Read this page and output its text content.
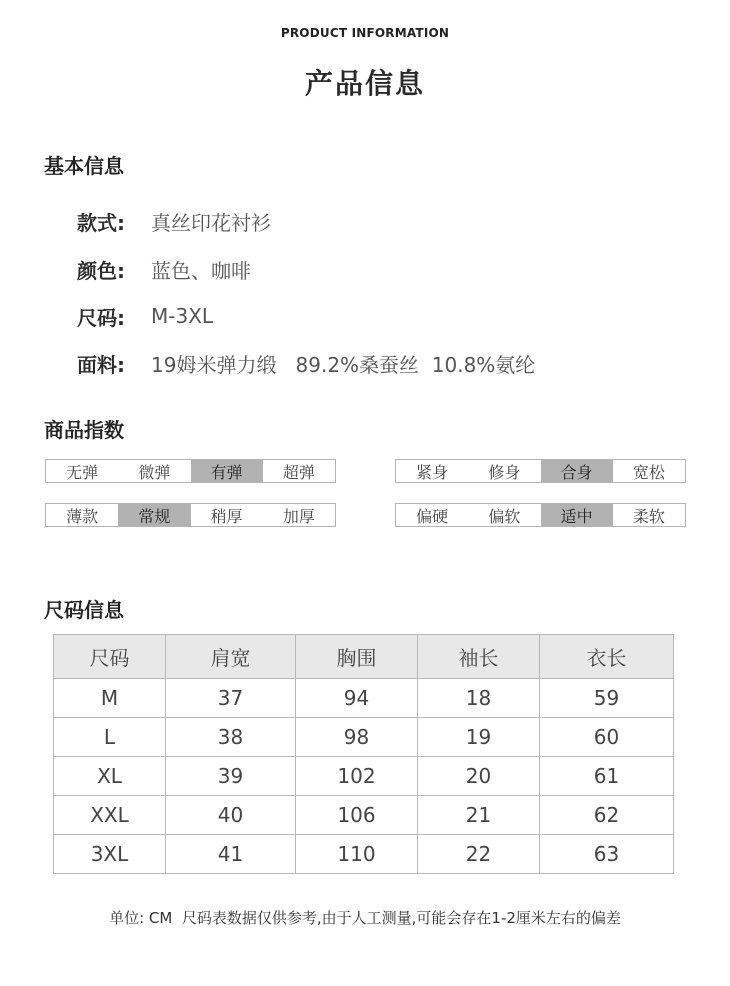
PRODUCT INFORMATION
产品信息
基本信息
款式:	真丝印花衬衫
颜色:	蓝色、咖啡
尺码:	M-3XL
面料:	19姆米弹力缎   89.2%桑蚕丝  10.8%氨纶
商品指数
无弹	微弹	有弹	超弹	紧身	修身	合身	宽松
薄款	常规	稍厚	加厚	偏硬	偏软	适中	柔软
尺码信息
尺码	肩宽	胸围	袖长	衣长
M	37	94	18	59
L	38	98	19	60
XL	39	102	20	61
XXL	40	106	21	62
3XL	41	110	22	63
单位: CM  尺码表数据仅供参考,由于人工测量,可能会存在1-2厘米左右的偏差
